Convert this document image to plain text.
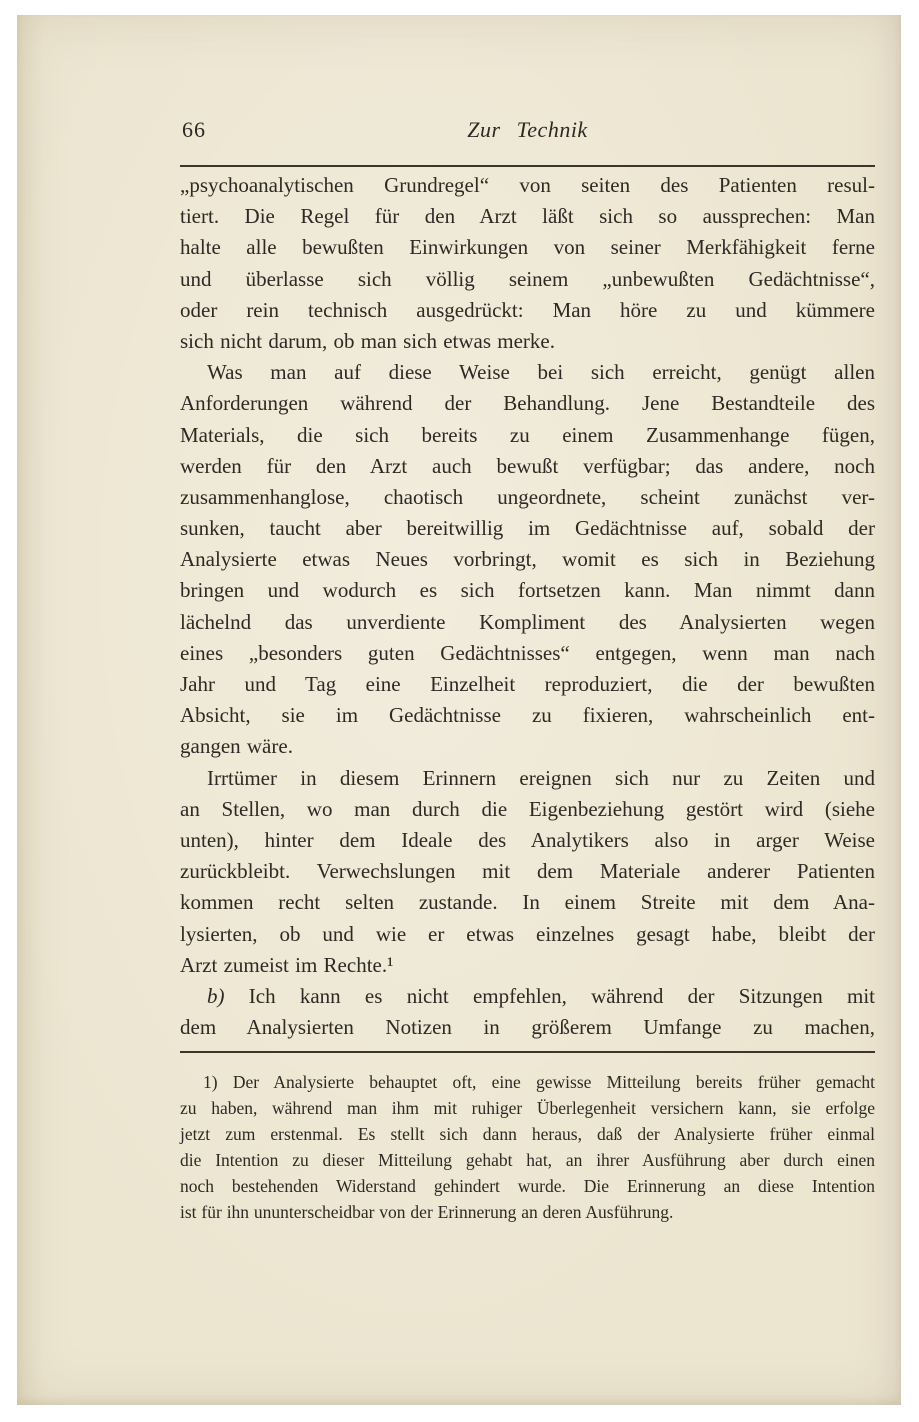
66	Zur Technik
„psychoanalytischen Grundregel“ von seiten des Patienten resul-
tiert. Die Regel für den Arzt läßt sich so aussprechen: Man
halte alle bewußten Einwirkungen von seiner Merkfähigkeit ferne
und überlasse sich völlig seinem „unbewußten Gedächtnisse“,
oder rein technisch ausgedrückt: Man höre zu und kümmere
sich nicht darum, ob man sich etwas merke.
Was man auf diese Weise bei sich erreicht, genügt allen
Anforderungen während der Behandlung. Jene Bestandteile des
Materials, die sich bereits zu einem Zusammenhange fügen,
werden für den Arzt auch bewußt verfügbar; das andere, noch
zusammenhanglose, chaotisch ungeordnete, scheint zunächst ver-
sunken, taucht aber bereitwillig im Gedächtnisse auf, sobald der
Analysierte etwas Neues vorbringt, womit es sich in Beziehung
bringen und wodurch es sich fortsetzen kann. Man nimmt dann
lächelnd das unverdiente Kompliment des Analysierten wegen
eines „besonders guten Gedächtnisses“ entgegen, wenn man nach
Jahr und Tag eine Einzelheit reproduziert, die der bewußten
Absicht, sie im Gedächtnisse zu fixieren, wahrscheinlich ent-
gangen wäre.
Irrtümer in diesem Erinnern ereignen sich nur zu Zeiten und
an Stellen, wo man durch die Eigenbeziehung gestört wird (siehe
unten), hinter dem Ideale des Analytikers also in arger Weise
zurückbleibt. Verwechslungen mit dem Materiale anderer Patienten
kommen recht selten zustande. In einem Streite mit dem Ana-
lysierten, ob und wie er etwas einzelnes gesagt habe, bleibt der
Arzt zumeist im Rechte.¹
b) Ich kann es nicht empfehlen, während der Sitzungen mit
dem Analysierten Notizen in größerem Umfange zu machen,
1) Der Analysierte behauptet oft, eine gewisse Mitteilung bereits früher gemacht
zu haben, während man ihm mit ruhiger Überlegenheit versichern kann, sie erfolge
jetzt zum erstenmal. Es stellt sich dann heraus, daß der Analysierte früher einmal
die Intention zu dieser Mitteilung gehabt hat, an ihrer Ausführung aber durch einen
noch bestehenden Widerstand gehindert wurde. Die Erinnerung an diese Intention
ist für ihn ununterscheidbar von der Erinnerung an deren Ausführung.
